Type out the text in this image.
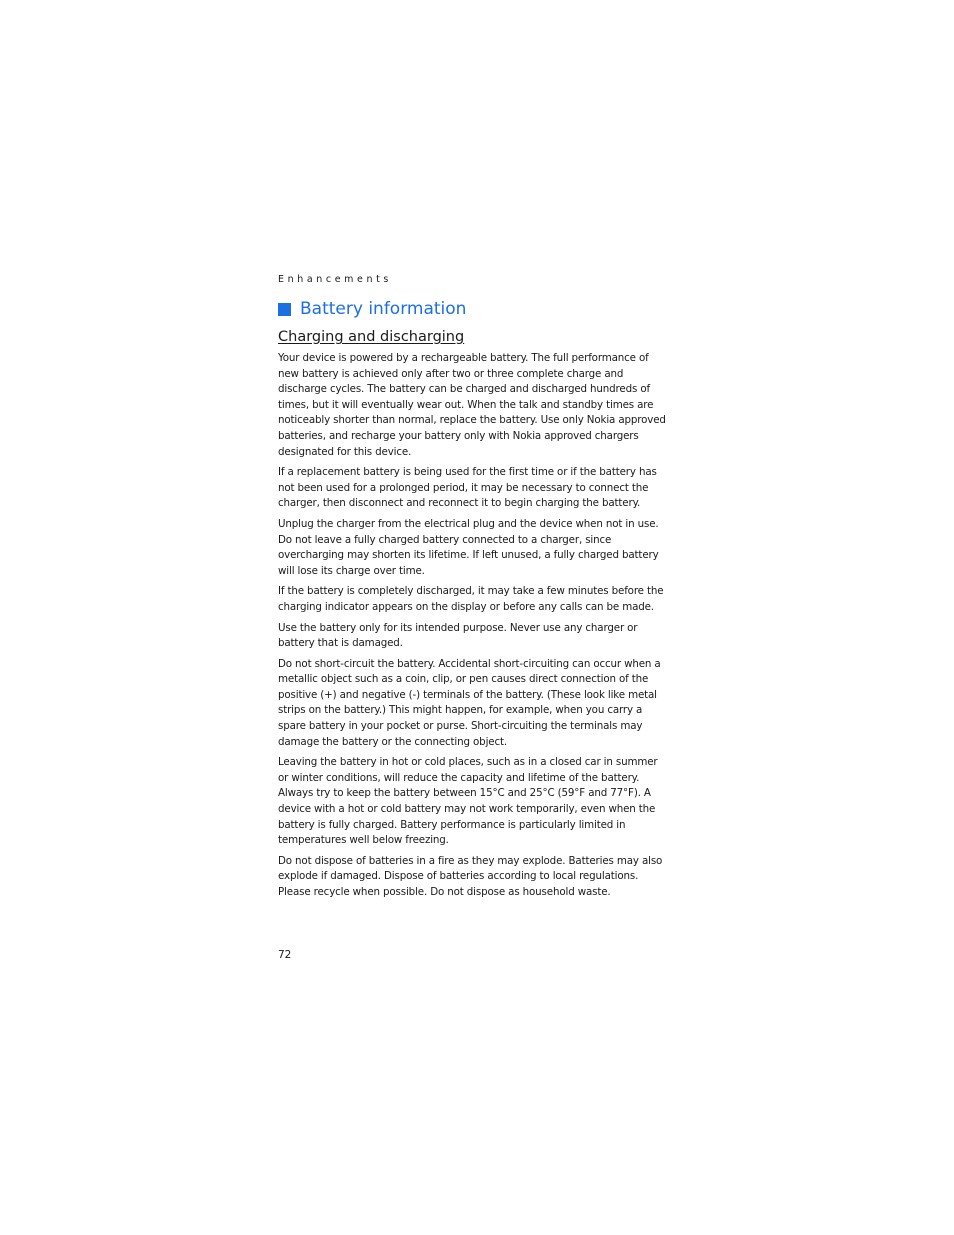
Enhancements
Battery information
Charging and discharging

Your device is powered by a rechargeable battery. The full performance of new battery is achieved only after two or three complete charge and discharge cycles. The battery can be charged and discharged hundreds of times, but it will eventually wear out. When the talk and standby times are noticeably shorter than normal, replace the battery. Use only Nokia approved batteries, and recharge your battery only with Nokia approved chargers designated for this device.

If a replacement battery is being used for the first time or if the battery has not been used for a prolonged period, it may be necessary to connect the charger, then disconnect and reconnect it to begin charging the battery.

Unplug the charger from the electrical plug and the device when not in use. Do not leave a fully charged battery connected to a charger, since overcharging may shorten its lifetime. If left unused, a fully charged battery will lose its charge over time.

If the battery is completely discharged, it may take a few minutes before the charging indicator appears on the display or before any calls can be made.

Use the battery only for its intended purpose. Never use any charger or battery that is damaged.

Do not short-circuit the battery. Accidental short-circuiting can occur when a metallic object such as a coin, clip, or pen causes direct connection of the positive (+) and negative (-) terminals of the battery. (These look like metal strips on the battery.) This might happen, for example, when you carry a spare battery in your pocket or purse. Short-circuiting the terminals may damage the battery or the connecting object.

Leaving the battery in hot or cold places, such as in a closed car in summer or winter conditions, will reduce the capacity and lifetime of the battery. Always try to keep the battery between 15°C and 25°C (59°F and 77°F). A device with a hot or cold battery may not work temporarily, even when the battery is fully charged. Battery performance is particularly limited in temperatures well below freezing.

Do not dispose of batteries in a fire as they may explode. Batteries may also explode if damaged. Dispose of batteries according to local regulations. Please recycle when possible. Do not dispose as household waste.

72
